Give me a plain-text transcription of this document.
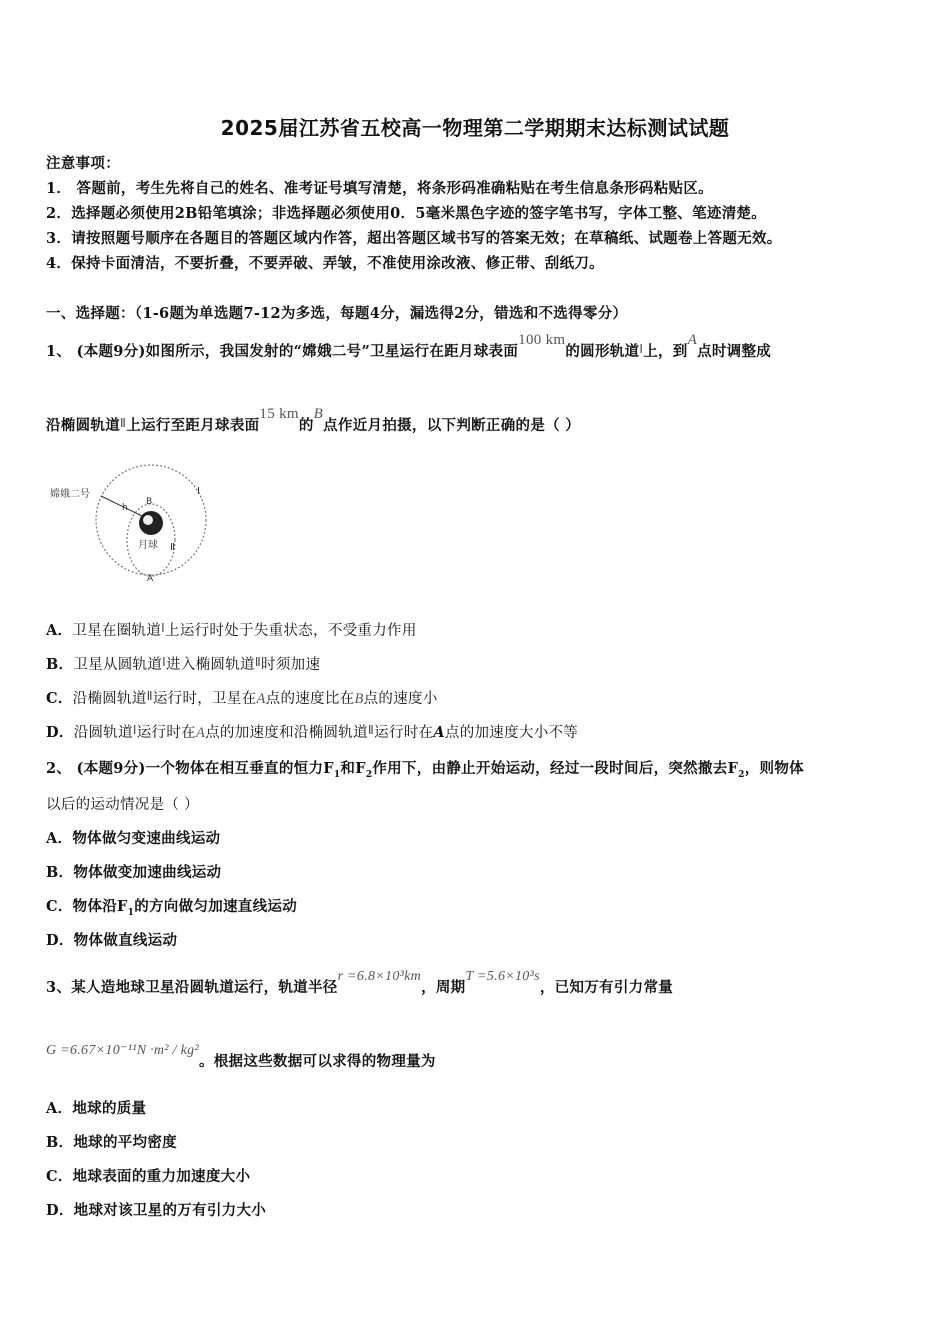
2025届江苏省五校高一物理第二学期期末达标测试试题
注意事项：
1． 答题前，考生先将自己的姓名、准考证号填写清楚，将条形码准确粘贴在考生信息条形码粘贴区。
2．选择题必须使用2B铅笔填涂；非选择题必须使用0．5毫米黑色字迹的签字笔书写，字体工整、笔迹清楚。
3．请按照题号顺序在各题目的答题区域内作答，超出答题区域书写的答案无效；在草稿纸、试题卷上答题无效。
4．保持卡面清洁，不要折叠，不要弄破、弄皱，不准使用涂改液、修正带、刮纸刀。
一、选择题：（1-6题为单选题7-12为多选，每题4分，漏选得2分，错选和不选得零分）
1、 (本题9分)如图所示，我国发射的“嫦娥二号”卫星运行在距月球表面100 km的圆形轨道$^Ⅰ$上，到A点时调整成
沿椭圆轨道$^Ⅱ$上运行至距月球表面15 km的B点作近月拍摄，以下判断正确的是（ ）
嫦娥二号
h
B
Ⅰ
月球 Ⅱ
A
A．卫星在圈轨道$^Ⅰ$上运行时处于失重状态，不受重力作用
B．卫星从圆轨道$^Ⅰ$进入椭圆轨道$^Ⅱ$时须加速
C．沿椭圆轨道$^Ⅱ$运行时，卫星在A点的速度比在B点的速度小
D．沿圆轨道$^Ⅰ$运行时在A点的加速度和沿椭圆轨道$^Ⅱ$运行时在A点的加速度大小不等
2、 (本题9分)一个物体在相互垂直的恒力$F_1$和$F_2$作用下，由静止开始运动，经过一段时间后，突然撤去$F_2$，则物体
以后的运动情况是（ ）
A．物体做匀变速曲线运动
B．物体做变加速曲线运动
C．物体沿$F_1$的方向做匀加速直线运动
D．物体做直线运动
3、某人造地球卫星沿圆轨道运行，轨道半径r =6.8×10³km，周期T =5.6×10³s，已知万有引力常量
G =6.67×10⁻¹¹N ·m² / kg²。根据这些数据可以求得的物理量为
A．地球的质量
B．地球的平均密度
C．地球表面的重力加速度大小
D．地球对该卫星的万有引力大小
